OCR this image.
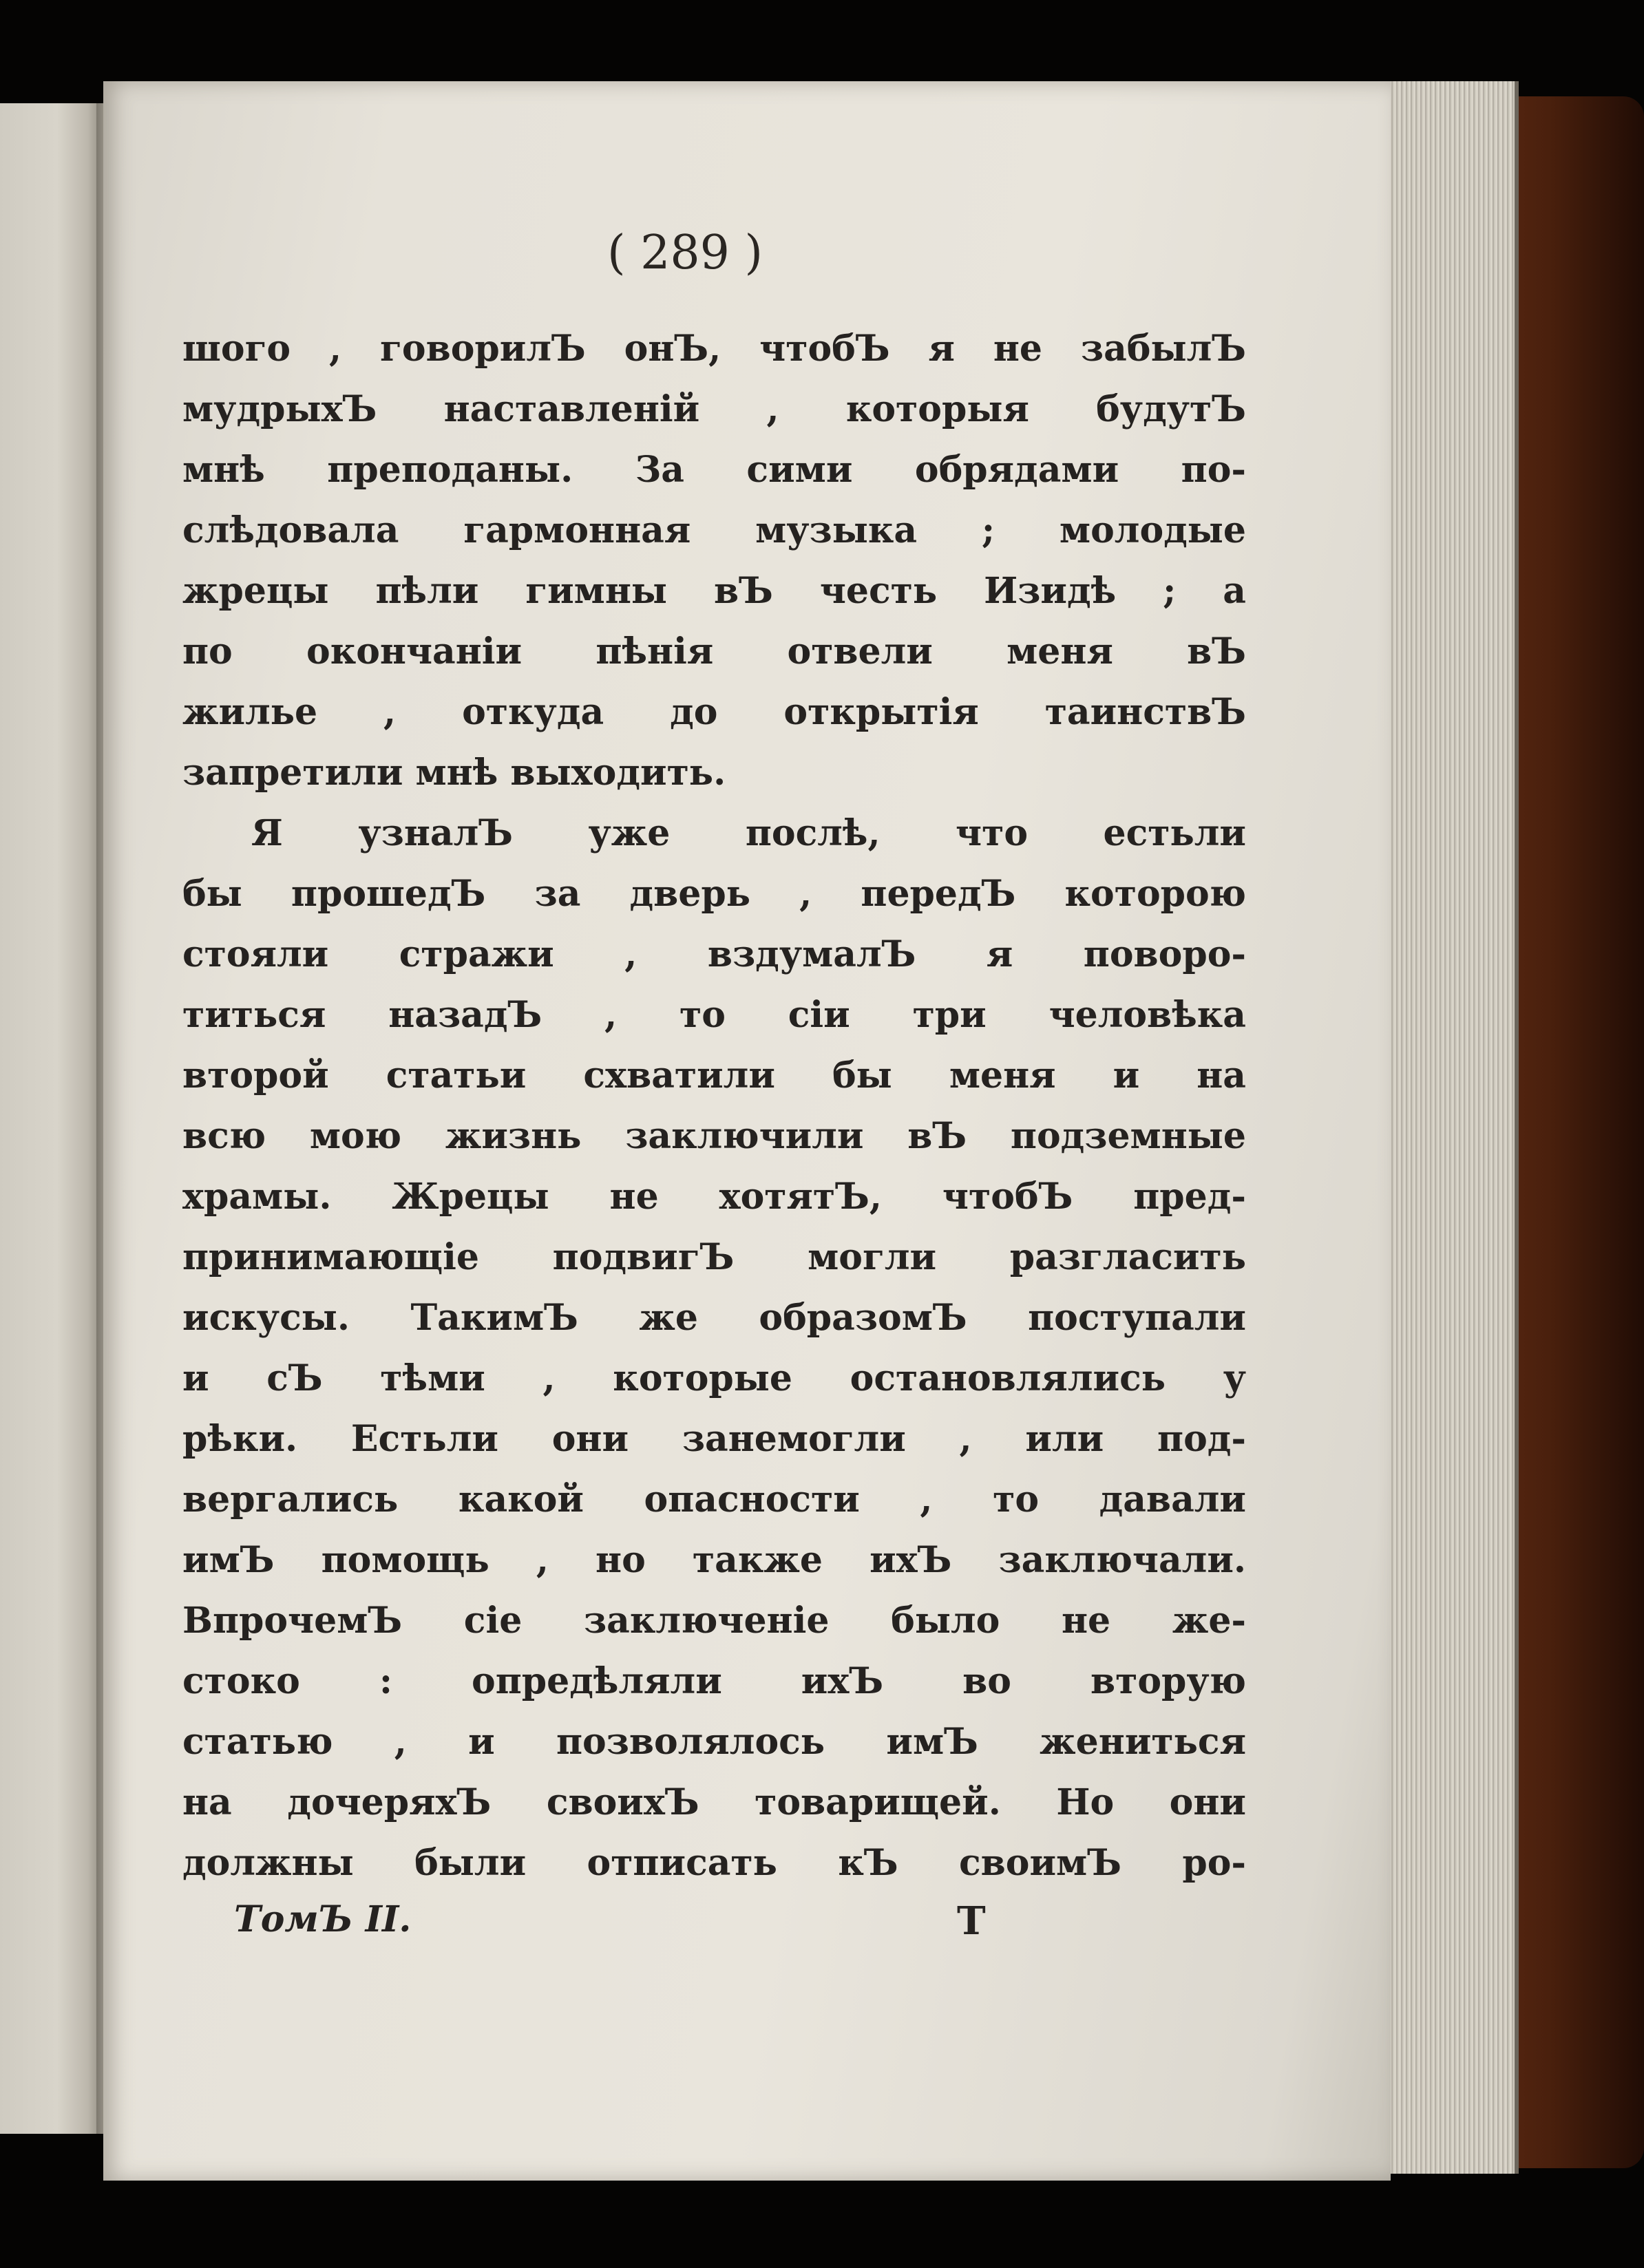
( 289 )
шого , говорилЪ онЪ, чтобЪ я не забылЪ
мудрыхЪ наставленій , которыя будутЪ
мнѣ преподаны. За сими обрядами по-
слѣдовала гармонная музыка ; молодые
жрецы пѣли гимны вЪ честь Изидѣ ; а
по окончаніи пѣнія отвели меня вЪ
жилье , откуда до открытія таинствЪ
запретили мнѣ выходить.
Я узналЪ уже послѣ, что естьли
бы прошедЪ за дверь , передЪ которою
стояли стражи , вздумалЪ я поворо-
титься назадЪ , то сіи три человѣка
второй статьи схватили бы меня и на
всю мою жизнь заключили вЪ подземные
храмы. Жрецы не хотятЪ, чтобЪ пред-
принимающіе подвигЪ могли разгласить
искусы. ТакимЪ же образомЪ поступали
и сЪ тѣми , которые остановлялись у
рѣки. Естьли они занемогли , или под-
вергались какой опасности , то давали
имЪ помощь , но также ихЪ заключали.
ВпрочемЪ сіе заключеніе было не же-
стоко : опредѣляли ихЪ во вторую
статью , и позволялось имЪ жениться
на дочеряхЪ своихЪ товарищей. Но они
должны были отписать кЪ своимЪ ро-
ТомЪ II.	Т
